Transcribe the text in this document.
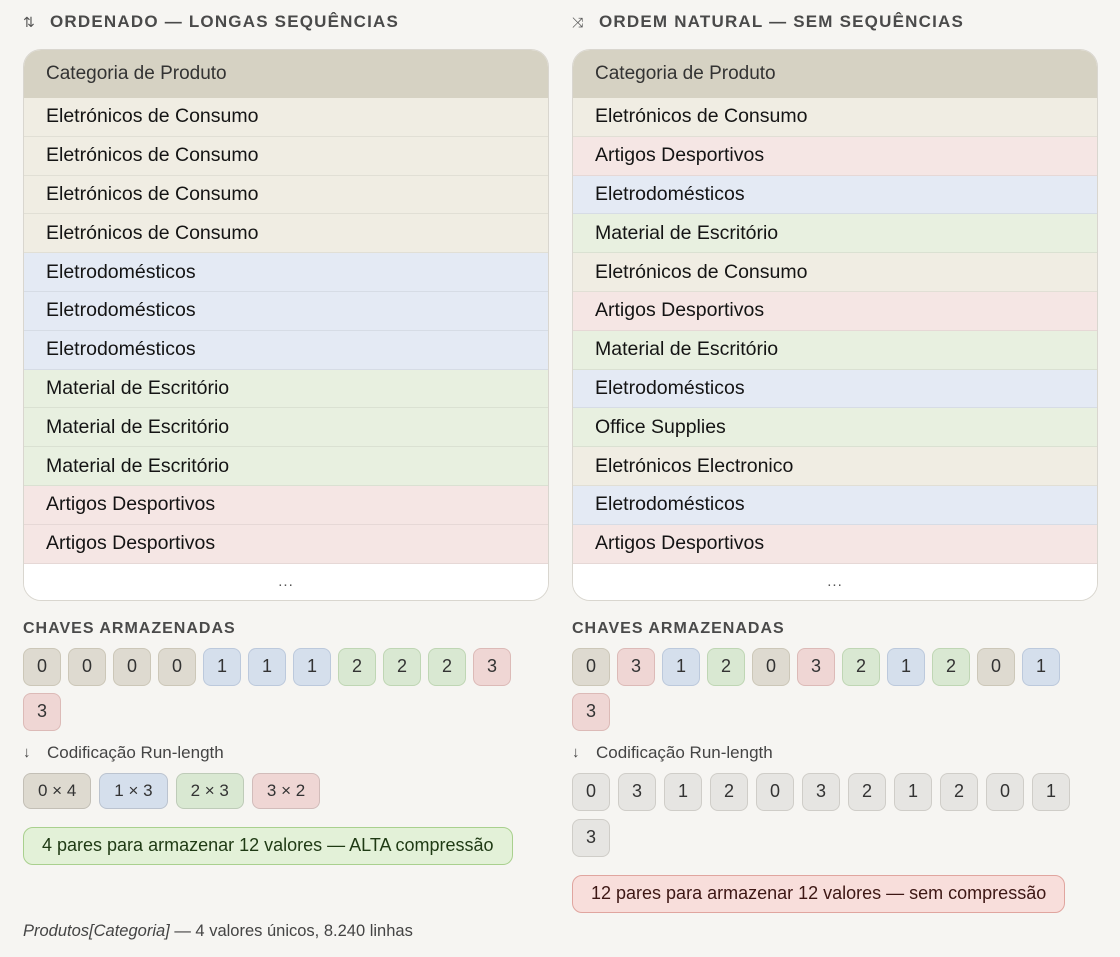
⇅ ORDENADO — LONGAS SEQUÊNCIAS
Categoria de Produto
Eletrónicos de Consumo
Eletrónicos de Consumo
Eletrónicos de Consumo
Eletrónicos de Consumo
Eletrodomésticos
Eletrodomésticos
Eletrodomésticos
Material de Escritório
Material de Escritório
Material de Escritório
Artigos Desportivos
Artigos Desportivos
...
CHAVES ARMAZENADAS
0	0	0	0	1	1	1	2	2	2	3
3
↓ Codificação Run-length
0 × 4	1 × 3	2 × 3	3 × 2
4 pares para armazenar 12 valores — ALTA compressão
⤨ ORDEM NATURAL — SEM SEQUÊNCIAS
Categoria de Produto
Eletrónicos de Consumo
Artigos Desportivos
Eletrodomésticos
Material de Escritório
Eletrónicos de Consumo
Artigos Desportivos
Material de Escritório
Eletrodomésticos
Office Supplies
Eletrónicos Electronico
Eletrodomésticos
Artigos Desportivos
...
CHAVES ARMAZENADAS
0	3	1	2	0	3	2	1	2	0	1
3
↓ Codificação Run-length
0	3	1	2	0	3	2	1	2	0	1
3
12 pares para armazenar 12 valores — sem compressão
Produtos[Categoria] — 4 valores únicos, 8.240 linhas
